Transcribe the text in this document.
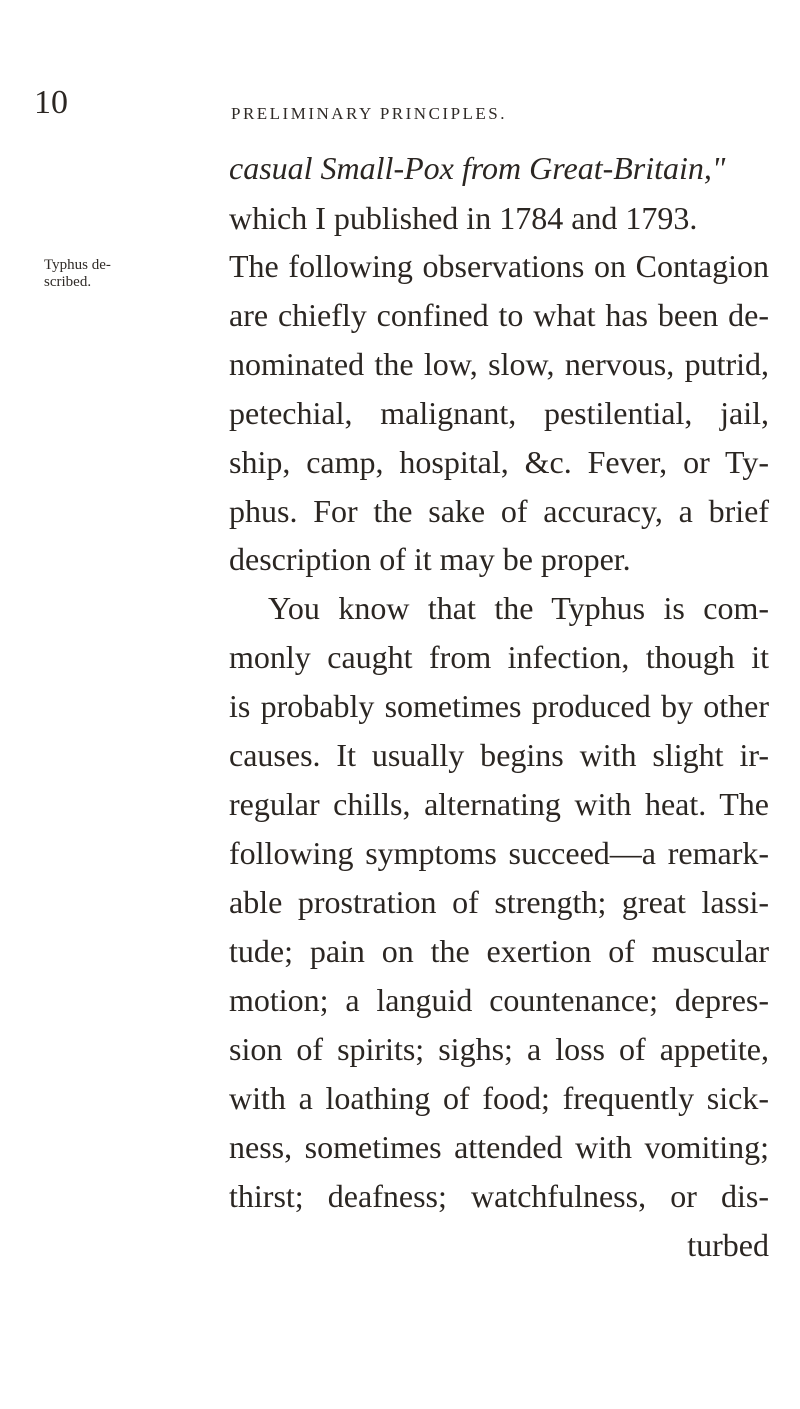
10	PRELIMINARY PRINCIPLES.
Typhus de-
scribed.
casual Small-Pox from Great-Britain,"
which I published in 1784 and 1793.
The following observations on Contagion
are chiefly confined to what has been de-
nominated the low, slow, nervous, putrid,
petechial, malignant, pestilential, jail,
ship, camp, hospital, &c. Fever, or Ty-
phus. For the sake of accuracy, a brief
description of it may be proper.
You know that the Typhus is com-
monly caught from infection, though it
is probably sometimes produced by other
causes. It usually begins with slight ir-
regular chills, alternating with heat. The
following symptoms succeed—a remark-
able prostration of strength; great lassi-
tude; pain on the exertion of muscular
motion; a languid countenance; depres-
sion of spirits; sighs; a loss of appetite,
with a loathing of food; frequently sick-
ness, sometimes attended with vomiting;
thirst; deafness; watchfulness, or dis-
turbed
